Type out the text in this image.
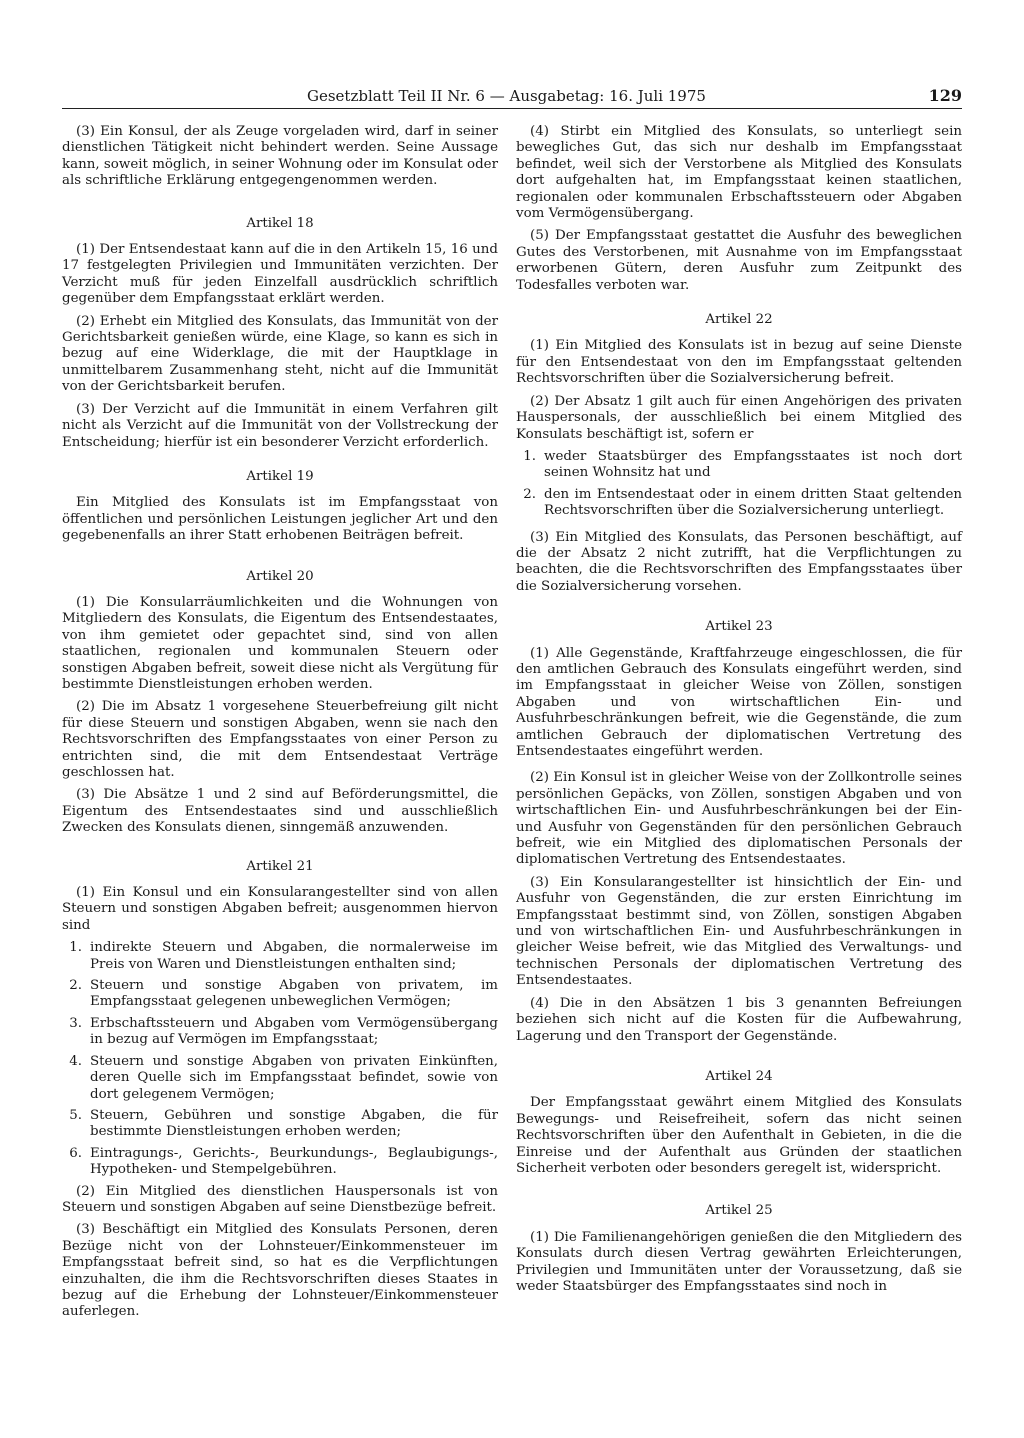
Gesetzblatt Teil II Nr. 6 — Ausgabetag: 16. Juli 1975	129

(3) Ein Konsul, der als Zeuge vorgeladen wird, darf in seiner dienstlichen Tätigkeit nicht behindert werden. Seine Aussage kann, soweit möglich, in seiner Wohnung oder im Konsulat oder als schriftliche Erklärung entgegengenommen werden.

Artikel 18

(1) Der Entsendestaat kann auf die in den Artikeln 15, 16 und 17 festgelegten Privilegien und Immunitäten verzichten. Der Verzicht muß für jeden Einzelfall ausdrücklich schriftlich gegenüber dem Empfangsstaat erklärt werden.

(2) Erhebt ein Mitglied des Konsulats, das Immunität von der Gerichtsbarkeit genießen würde, eine Klage, so kann es sich in bezug auf eine Widerklage, die mit der Hauptklage in unmittelbarem Zusammenhang steht, nicht auf die Immunität von der Gerichtsbarkeit berufen.

(3) Der Verzicht auf die Immunität in einem Verfahren gilt nicht als Verzicht auf die Immunität von der Vollstreckung der Entscheidung; hierfür ist ein besonderer Verzicht erforderlich.

Artikel 19

Ein Mitglied des Konsulats ist im Empfangsstaat von öffentlichen und persönlichen Leistungen jeglicher Art und den gegebenenfalls an ihrer Statt erhobenen Beiträgen befreit.

Artikel 20

(1) Die Konsularräumlichkeiten und die Wohnungen von Mitgliedern des Konsulats, die Eigentum des Entsendestaates, von ihm gemietet oder gepachtet sind, sind von allen staatlichen, regionalen und kommunalen Steuern oder sonstigen Abgaben befreit, soweit diese nicht als Vergütung für bestimmte Dienstleistungen erhoben werden.

(2) Die im Absatz 1 vorgesehene Steuerbefreiung gilt nicht für diese Steuern und sonstigen Abgaben, wenn sie nach den Rechtsvorschriften des Empfangsstaates von einer Person zu entrichten sind, die mit dem Entsendestaat Verträge geschlossen hat.

(3) Die Absätze 1 und 2 sind auf Beförderungsmittel, die Eigentum des Entsendestaates sind und ausschließlich Zwecken des Konsulats dienen, sinngemäß anzuwenden.

Artikel 21

(1) Ein Konsul und ein Konsularangestellter sind von allen Steuern und sonstigen Abgaben befreit; ausgenommen hiervon sind

1. indirekte Steuern und Abgaben, die normalerweise im Preis von Waren und Dienstleistungen enthalten sind;
2. Steuern und sonstige Abgaben von privatem, im Empfangsstaat gelegenen unbeweglichen Vermögen;
3. Erbschaftssteuern und Abgaben vom Vermögensübergang in bezug auf Vermögen im Empfangsstaat;
4. Steuern und sonstige Abgaben von privaten Einkünften, deren Quelle sich im Empfangsstaat befindet, sowie von dort gelegenem Vermögen;
5. Steuern, Gebühren und sonstige Abgaben, die für bestimmte Dienstleistungen erhoben werden;
6. Eintragungs-, Gerichts-, Beurkundungs-, Beglaubigungs-, Hypotheken- und Stempelgebühren.

(2) Ein Mitglied des dienstlichen Hauspersonals ist von Steuern und sonstigen Abgaben auf seine Dienstbezüge befreit.

(3) Beschäftigt ein Mitglied des Konsulats Personen, deren Bezüge nicht von der Lohnsteuer/Einkommensteuer im Empfangsstaat befreit sind, so hat es die Verpflichtungen einzuhalten, die ihm die Rechtsvorschriften dieses Staates in bezug auf die Erhebung der Lohnsteuer/Einkommensteuer auferlegen.

(4) Stirbt ein Mitglied des Konsulats, so unterliegt sein bewegliches Gut, das sich nur deshalb im Empfangsstaat befindet, weil sich der Verstorbene als Mitglied des Konsulats dort aufgehalten hat, im Empfangsstaat keinen staatlichen, regionalen oder kommunalen Erbschaftssteuern oder Abgaben vom Vermögensübergang.

(5) Der Empfangsstaat gestattet die Ausfuhr des beweglichen Gutes des Verstorbenen, mit Ausnahme von im Empfangsstaat erworbenen Gütern, deren Ausfuhr zum Zeitpunkt des Todesfalles verboten war.

Artikel 22

(1) Ein Mitglied des Konsulats ist in bezug auf seine Dienste für den Entsendestaat von den im Empfangsstaat geltenden Rechtsvorschriften über die Sozialversicherung befreit.

(2) Der Absatz 1 gilt auch für einen Angehörigen des privaten Hauspersonals, der ausschließlich bei einem Mitglied des Konsulats beschäftigt ist, sofern er

1. weder Staatsbürger des Empfangsstaates ist noch dort seinen Wohnsitz hat und
2. den im Entsendestaat oder in einem dritten Staat geltenden Rechtsvorschriften über die Sozialversicherung unterliegt.

(3) Ein Mitglied des Konsulats, das Personen beschäftigt, auf die der Absatz 2 nicht zutrifft, hat die Verpflichtungen zu beachten, die die Rechtsvorschriften des Empfangsstaates über die Sozialversicherung vorsehen.

Artikel 23

(1) Alle Gegenstände, Kraftfahrzeuge eingeschlossen, die für den amtlichen Gebrauch des Konsulats eingeführt werden, sind im Empfangsstaat in gleicher Weise von Zöllen, sonstigen Abgaben und von wirtschaftlichen Ein- und Ausfuhrbeschränkungen befreit, wie die Gegenstände, die zum amtlichen Gebrauch der diplomatischen Vertretung des Entsendestaates eingeführt werden.

(2) Ein Konsul ist in gleicher Weise von der Zollkontrolle seines persönlichen Gepäcks, von Zöllen, sonstigen Abgaben und von wirtschaftlichen Ein- und Ausfuhrbeschränkungen bei der Ein- und Ausfuhr von Gegenständen für den persönlichen Gebrauch befreit, wie ein Mitglied des diplomatischen Personals der diplomatischen Vertretung des Entsendestaates.

(3) Ein Konsularangestellter ist hinsichtlich der Ein- und Ausfuhr von Gegenständen, die zur ersten Einrichtung im Empfangsstaat bestimmt sind, von Zöllen, sonstigen Abgaben und von wirtschaftlichen Ein- und Ausfuhrbeschränkungen in gleicher Weise befreit, wie das Mitglied des Verwaltungs- und technischen Personals der diplomatischen Vertretung des Entsendestaates.

(4) Die in den Absätzen 1 bis 3 genannten Befreiungen beziehen sich nicht auf die Kosten für die Aufbewahrung, Lagerung und den Transport der Gegenstände.

Artikel 24

Der Empfangsstaat gewährt einem Mitglied des Konsulats Bewegungs- und Reisefreiheit, sofern das nicht seinen Rechtsvorschriften über den Aufenthalt in Gebieten, in die die Einreise und der Aufenthalt aus Gründen der staatlichen Sicherheit verboten oder besonders geregelt ist, widerspricht.

Artikel 25

(1) Die Familienangehörigen genießen die den Mitgliedern des Konsulats durch diesen Vertrag gewährten Erleichterungen, Privilegien und Immunitäten unter der Voraussetzung, daß sie weder Staatsbürger des Empfangsstaates sind noch in
